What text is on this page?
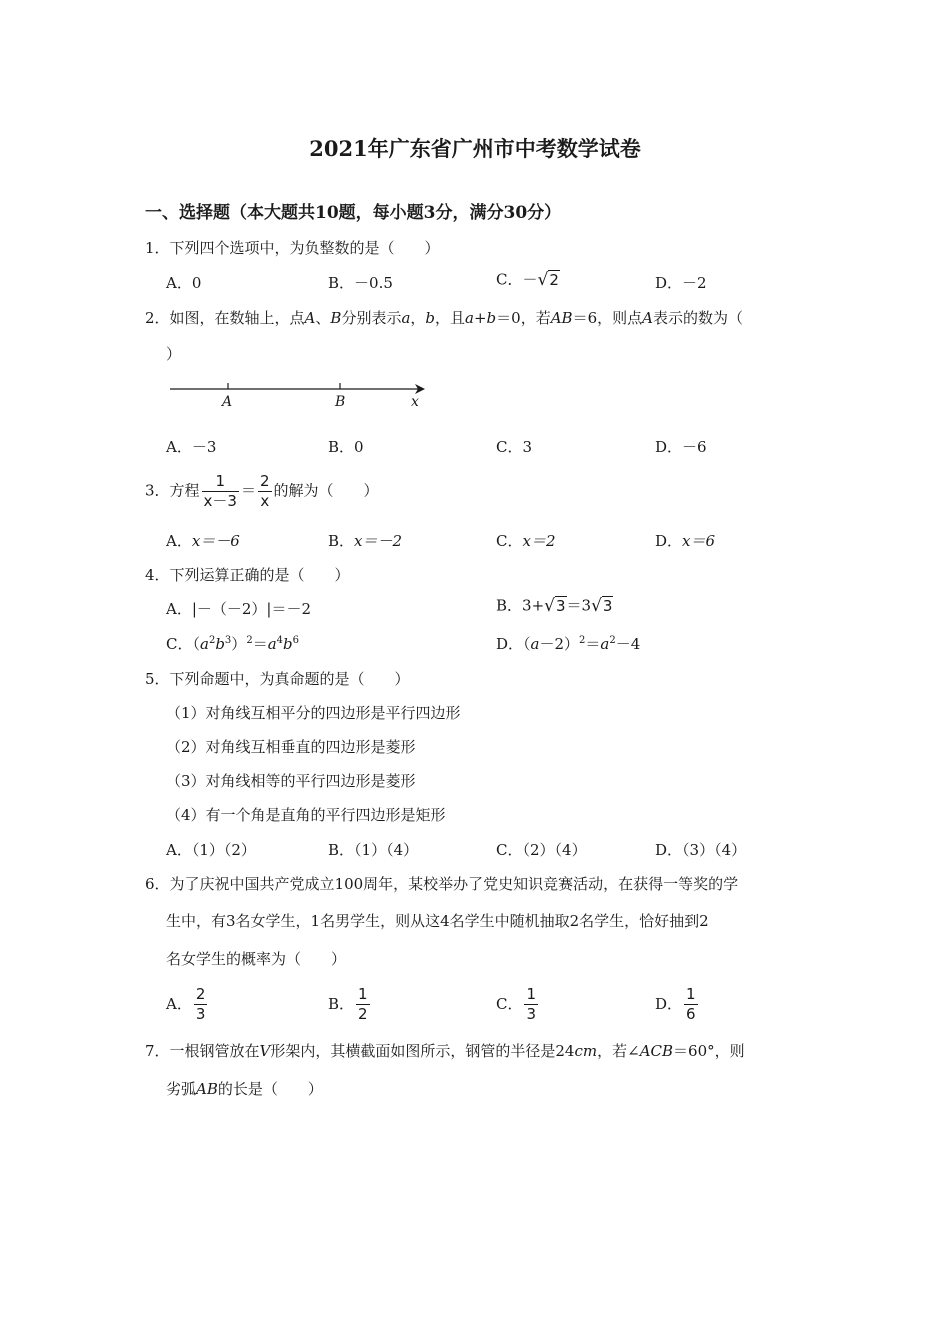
2021年广东省广州市中考数学试卷
一、选择题（本大题共10题，每小题3分，满分30分）
1．下列四个选项中，为负整数的是（　　）
A．0	B．－0.5	C．－√2	D．－2
2．如图，在数轴上，点A、B分别表示a，b，且a+b＝0，若AB＝6，则点A表示的数为（
）
A	B	x
A．－3	B．0	C．3	D．－6
3．方程 $\frac{1}{x-3} = \frac{2}{x}$ 的解为（　　）
A．x＝－6	B．x＝－2	C．x＝2	D．x＝6
4．下列运算正确的是（　　）
A．|－（－2）|＝－2	B．3+√3＝3√3
C．$(a^2b^3)^2=a^4b^6$	D．$(a-2)^2=a^2-4$
5．下列命题中，为真命题的是（　　）
（1）对角线互相平分的四边形是平行四边形
（2）对角线互相垂直的四边形是菱形
（3）对角线相等的平行四边形是菱形
（4）有一个角是直角的平行四边形是矩形
A．（1）（2）	B．（1）（4）	C．（2）（4）	D．（3）（4）
6．为了庆祝中国共产党成立100周年，某校举办了党史知识竞赛活动，在获得一等奖的学
生中，有3名女学生，1名男学生，则从这4名学生中随机抽取2名学生，恰好抽到2
名女学生的概率为（　　）
A． $\frac{2}{3}$	B． $\frac{1}{2}$	C． $\frac{1}{3}$	D． $\frac{1}{6}$
7．一根钢管放在V形架内，其横截面如图所示，钢管的半径是24cm，若∠ACB＝60°，则
劣弧AB的长是（　　）
